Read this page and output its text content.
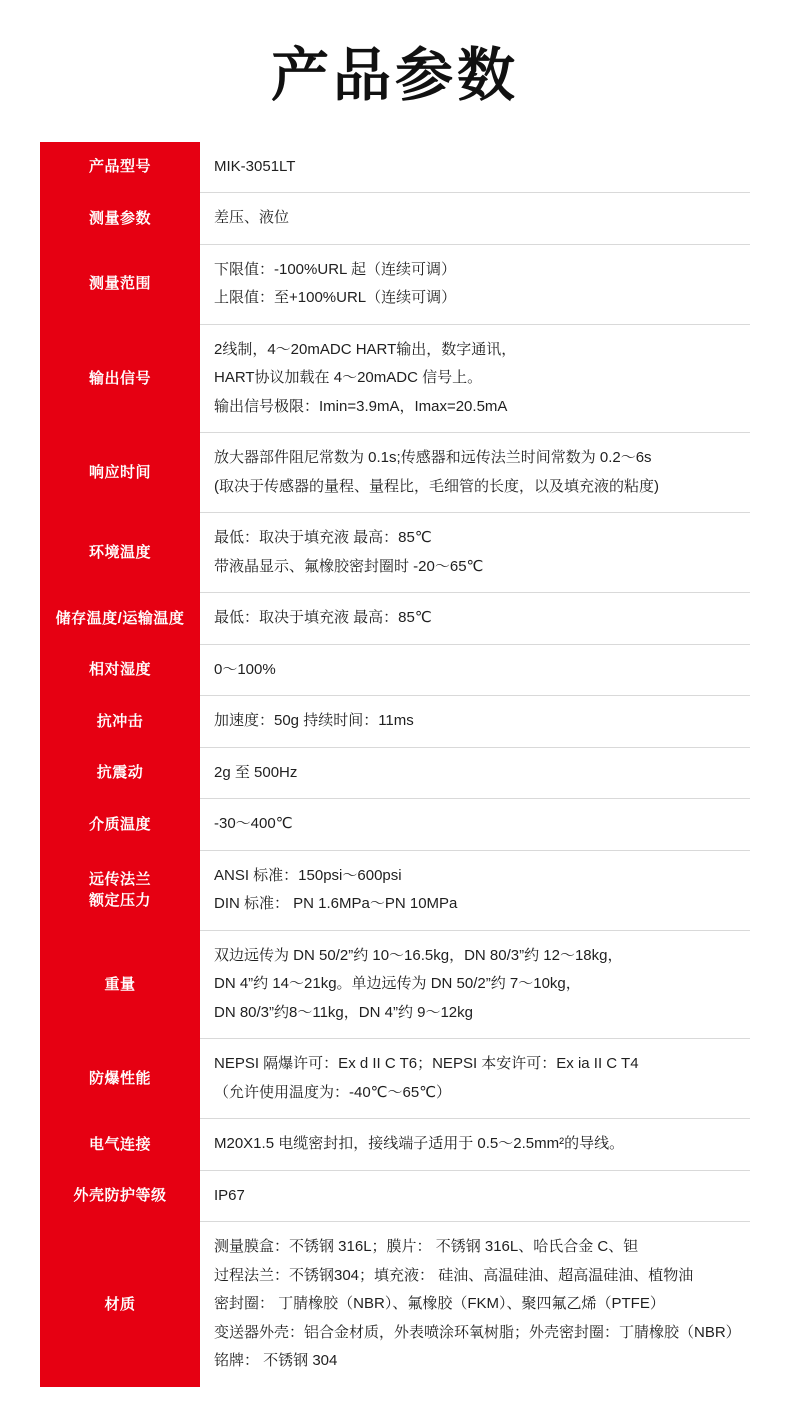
产品参数
产品型号	MIK-3051LT

测量参数	差压、液位

测量范围	下限值：-100%URL 起（连续可调）
上限值：至+100%URL（连续可调）

输出信号	2线制，4～20mADC HART输出，数字通讯，
HART协议加载在 4～20mADC 信号上。
输出信号极限：Imin=3.9mA，Imax=20.5mA

响应时间	放大器部件阻尼常数为 0.1s;传感器和远传法兰时间常数为 0.2～6s
(取决于传感器的量程、量程比，毛细管的长度，以及填充液的粘度)

环境温度	最低：取决于填充液 最高：85℃
带液晶显示、氟橡胶密封圈时 -20～65℃

储存温度/运输温度	最低：取决于填充液 最高：85℃

相对湿度	0～100%

抗冲击	加速度：50g 持续时间：11ms

抗震动	2g 至 500Hz

介质温度	-30～400℃

远传法兰
额定压力	ANSI 标准：150psi～600psi
DIN 标准： PN 1.6MPa～PN 10MPa

重量	双边远传为 DN 50/2”约 10～16.5kg，DN 80/3”约 12～18kg，
DN 4”约 14～21kg。单边远传为 DN 50/2”约 7～10kg，
DN 80/3”约8～11kg，DN 4”约 9～12kg

防爆性能	NEPSI 隔爆许可：Ex d II C T6；NEPSI 本安许可：Ex ia II C T4
（允许使用温度为：-40℃～65℃）

电气连接	M20X1.5 电缆密封扣，接线端子适用于 0.5～2.5mm²的导线。

外壳防护等级	IP67

材质	测量膜盒：不锈钢 316L；膜片： 不锈钢 316L、哈氏合金 C、钽
过程法兰：不锈钢304；填充液： 硅油、高温硅油、超高温硅油、植物油
密封圈： 丁腈橡胶（NBR）、氟橡胶（FKM）、聚四氟乙烯（PTFE）
变送器外壳：铝合金材质，外表喷涂环氧树脂；外壳密封圈：丁腈橡胶（NBR）
铭牌： 不锈钢 304
